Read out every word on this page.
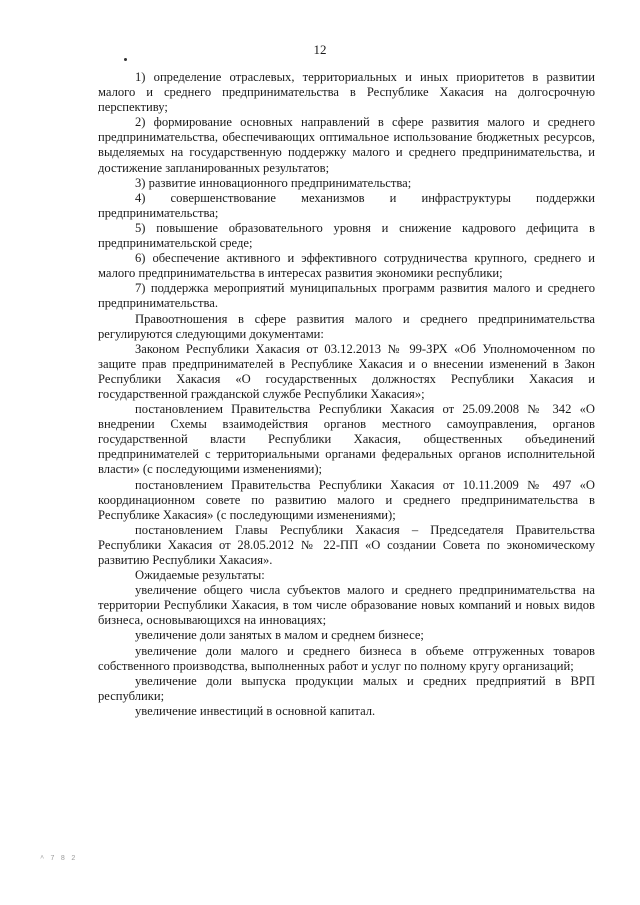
12

1) определение отраслевых, территориальных и иных приоритетов в развитии малого и среднего предпринимательства в Республике Хакасия на долгосрочную перспективу;

2) формирование основных направлений в сфере развития малого и среднего предпринимательства, обеспечивающих оптимальное использование бюджетных ресурсов, выделяемых на государственную поддержку малого и среднего предпринимательства, и достижение запланированных результатов;

3) развитие инновационного предпринимательства;

4) совершенствование механизмов и инфраструктуры поддержки предпринимательства;

5) повышение образовательного уровня и снижение кадрового дефицита в предпринимательской среде;

6) обеспечение активного и эффективного сотрудничества крупного, среднего и малого предпринимательства в интересах развития экономики республики;

7) поддержка мероприятий муниципальных программ развития малого и среднего предпринимательства.

Правоотношения в сфере развития малого и среднего предпринимательства регулируются следующими документами:

Законом Республики Хакасия от 03.12.2013 № 99-ЗРХ «Об Уполномоченном по защите прав предпринимателей в Республике Хакасия и о внесении изменений в Закон Республики Хакасия «О государственных должностях Республики Хакасия и государственной гражданской службе Республики Хакасия»;

постановлением Правительства Республики Хакасия от 25.09.2008 № 342 «О внедрении Схемы взаимодействия органов местного самоуправления, органов государственной власти Республики Хакасия, общественных объединений предпринимателей с территориальными органами федеральных органов исполнительной власти» (с последующими изменениями);

постановлением Правительства Республики Хакасия от 10.11.2009 № 497 «О координационном совете по развитию малого и среднего предпринимательства в Республике Хакасия» (с последующими изменениями);

постановлением Главы Республики Хакасия – Председателя Правительства Республики Хакасия от 28.05.2012 № 22-ПП «О создании Совета по экономическому развитию Республики Хакасия».

Ожидаемые результаты:

увеличение общего числа субъектов малого и среднего предпринимательства на территории Республики Хакасия, в том числе образование новых компаний и новых видов бизнеса, основывающихся на инновациях;

увеличение доли занятых в малом и среднем бизнесе;

увеличение доли малого и среднего бизнеса в объеме отгруженных товаров собственного производства, выполненных работ и услуг по полному кругу организаций;

увеличение доли выпуска продукции малых и средних предприятий в ВРП республики;

увеличение инвестиций в основной капитал.

^ 7 8 2
